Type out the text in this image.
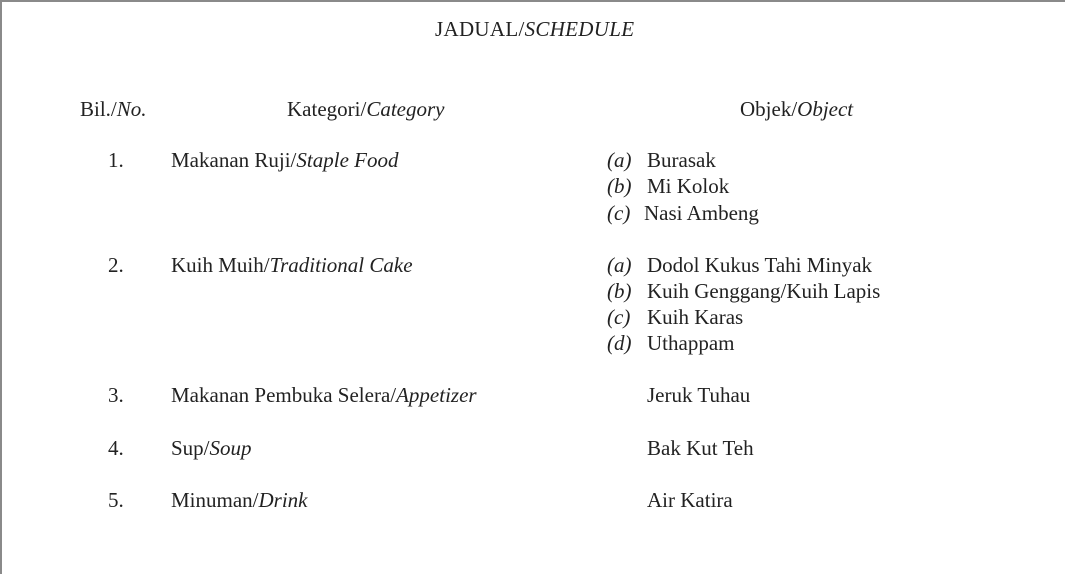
JADUAL/SCHEDULE
Bil./No.	Kategori/Category	Objek/Object
1. Makanan Ruji/Staple Food	(a) Burasak
(b) Mi Kolok
(c) Nasi Ambeng
2. Kuih Muih/Traditional Cake	(a) Dodol Kukus Tahi Minyak
(b) Kuih Genggang/Kuih Lapis
(c) Kuih Karas
(d) Uthappam
3. Makanan Pembuka Selera/Appetizer	Jeruk Tuhau
4. Sup/Soup	Bak Kut Teh
5. Minuman/Drink	Air Katira
